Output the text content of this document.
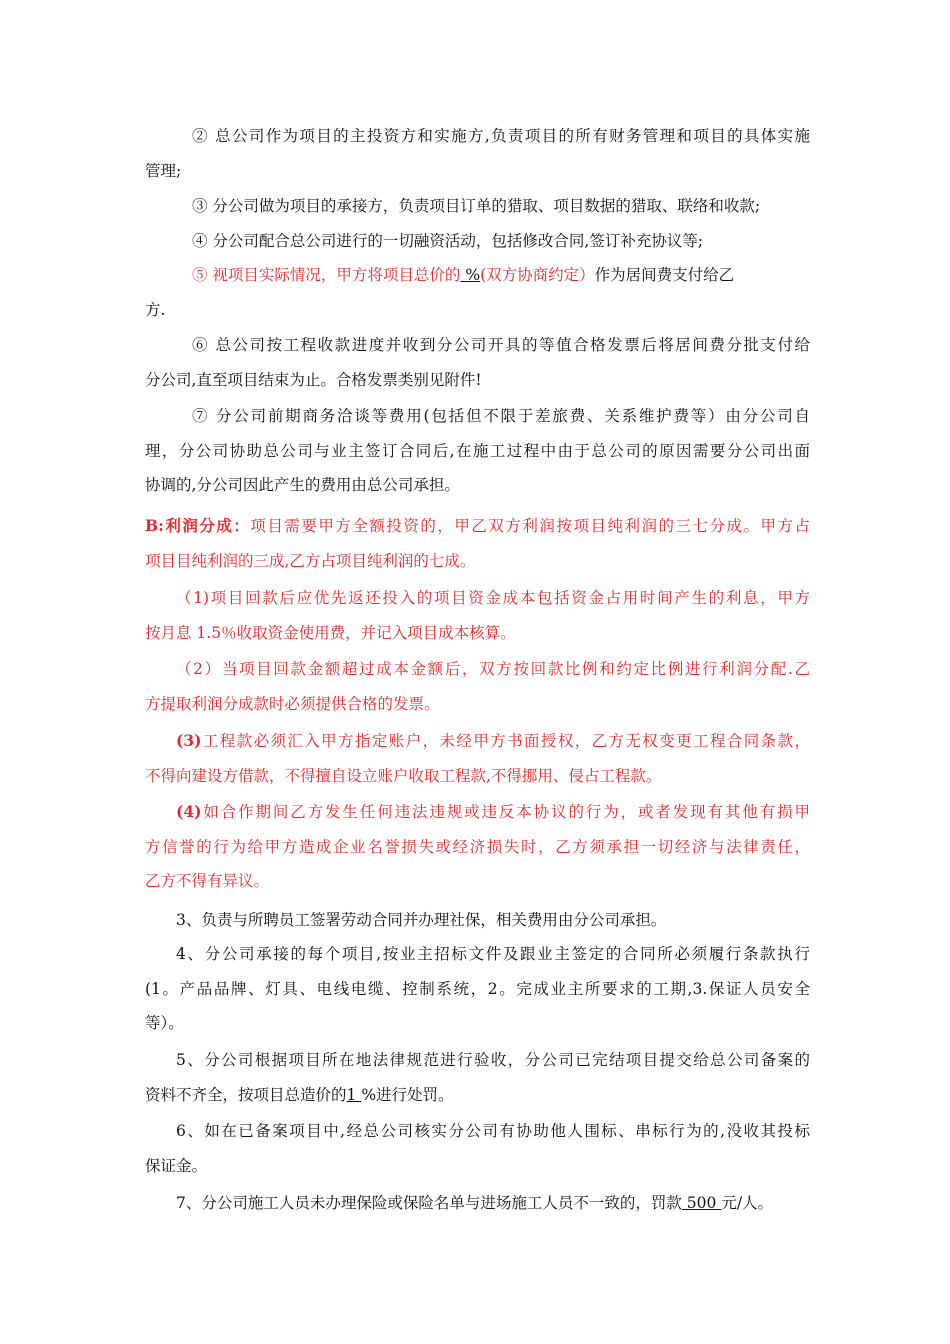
② 总公司作为项目的主投资方和实施方,负责项目的所有财务管理和项目的具体实施
管理;

③ 分公司做为项目的承接方，负责项目订单的猎取、项目数据的猎取、联络和收款;

④ 分公司配合总公司进行的一切融资活动，包括修改合同,签订补充协议等;

⑤ 视项目实际情况，甲方将项目总价的 %(双方协商约定）作为居间费支付给乙
方.

⑥ 总公司按工程收款进度并收到分公司开具的等值合格发票后将居间费分批支付给
分公司,直至项目结束为止。合格发票类别见附件!

⑦ 分公司前期商务洽谈等费用(包括但不限于差旅费、关系维护费等）由分公司自
理，分公司协助总公司与业主签订合同后,在施工过程中由于总公司的原因需要分公司出面
协调的,分公司因此产生的费用由总公司承担。

B:利润分成：项目需要甲方全额投资的，甲乙双方利润按项目纯利润的三七分成。甲方占
项目目纯利润的三成,乙方占项目纯利润的七成。

（1)项目回款后应优先返还投入的项目资金成本包括资金占用时间产生的利息，甲方
按月息 1.5％收取资金使用费，并记入项目成本核算。

（2）当项目回款金额超过成本金额后，双方按回款比例和约定比例进行利润分配.乙
方提取利润分成款时必须提供合格的发票。

(3)工程款必须汇入甲方指定账户，未经甲方书面授权，乙方无权变更工程合同条款，
不得向建设方借款，不得擅自设立账户收取工程款,不得挪用、侵占工程款。

(4)如合作期间乙方发生任何违法违规或违反本协议的行为，或者发现有其他有损甲
方信誉的行为给甲方造成企业名誉损失或经济损失时，乙方须承担一切经济与法律责任，
乙方不得有异议。

3、负责与所聘员工签署劳动合同并办理社保，相关费用由分公司承担。

4、分公司承接的每个项目,按业主招标文件及跟业主签定的合同所必须履行条款执行
(1。产品品牌、灯具、电线电缆、控制系统，2。完成业主所要求的工期,3.保证人员安全
等）。

5、分公司根据项目所在地法律规范进行验收，分公司已完结项目提交给总公司备案的
资料不齐全，按项目总造价的1 %进行处罚。

6、如在已备案项目中,经总公司核实分公司有协助他人围标、串标行为的,没收其投标
保证金。

7、分公司施工人员未办理保险或保险名单与进场施工人员不一致的，罚款 500 元/人。
